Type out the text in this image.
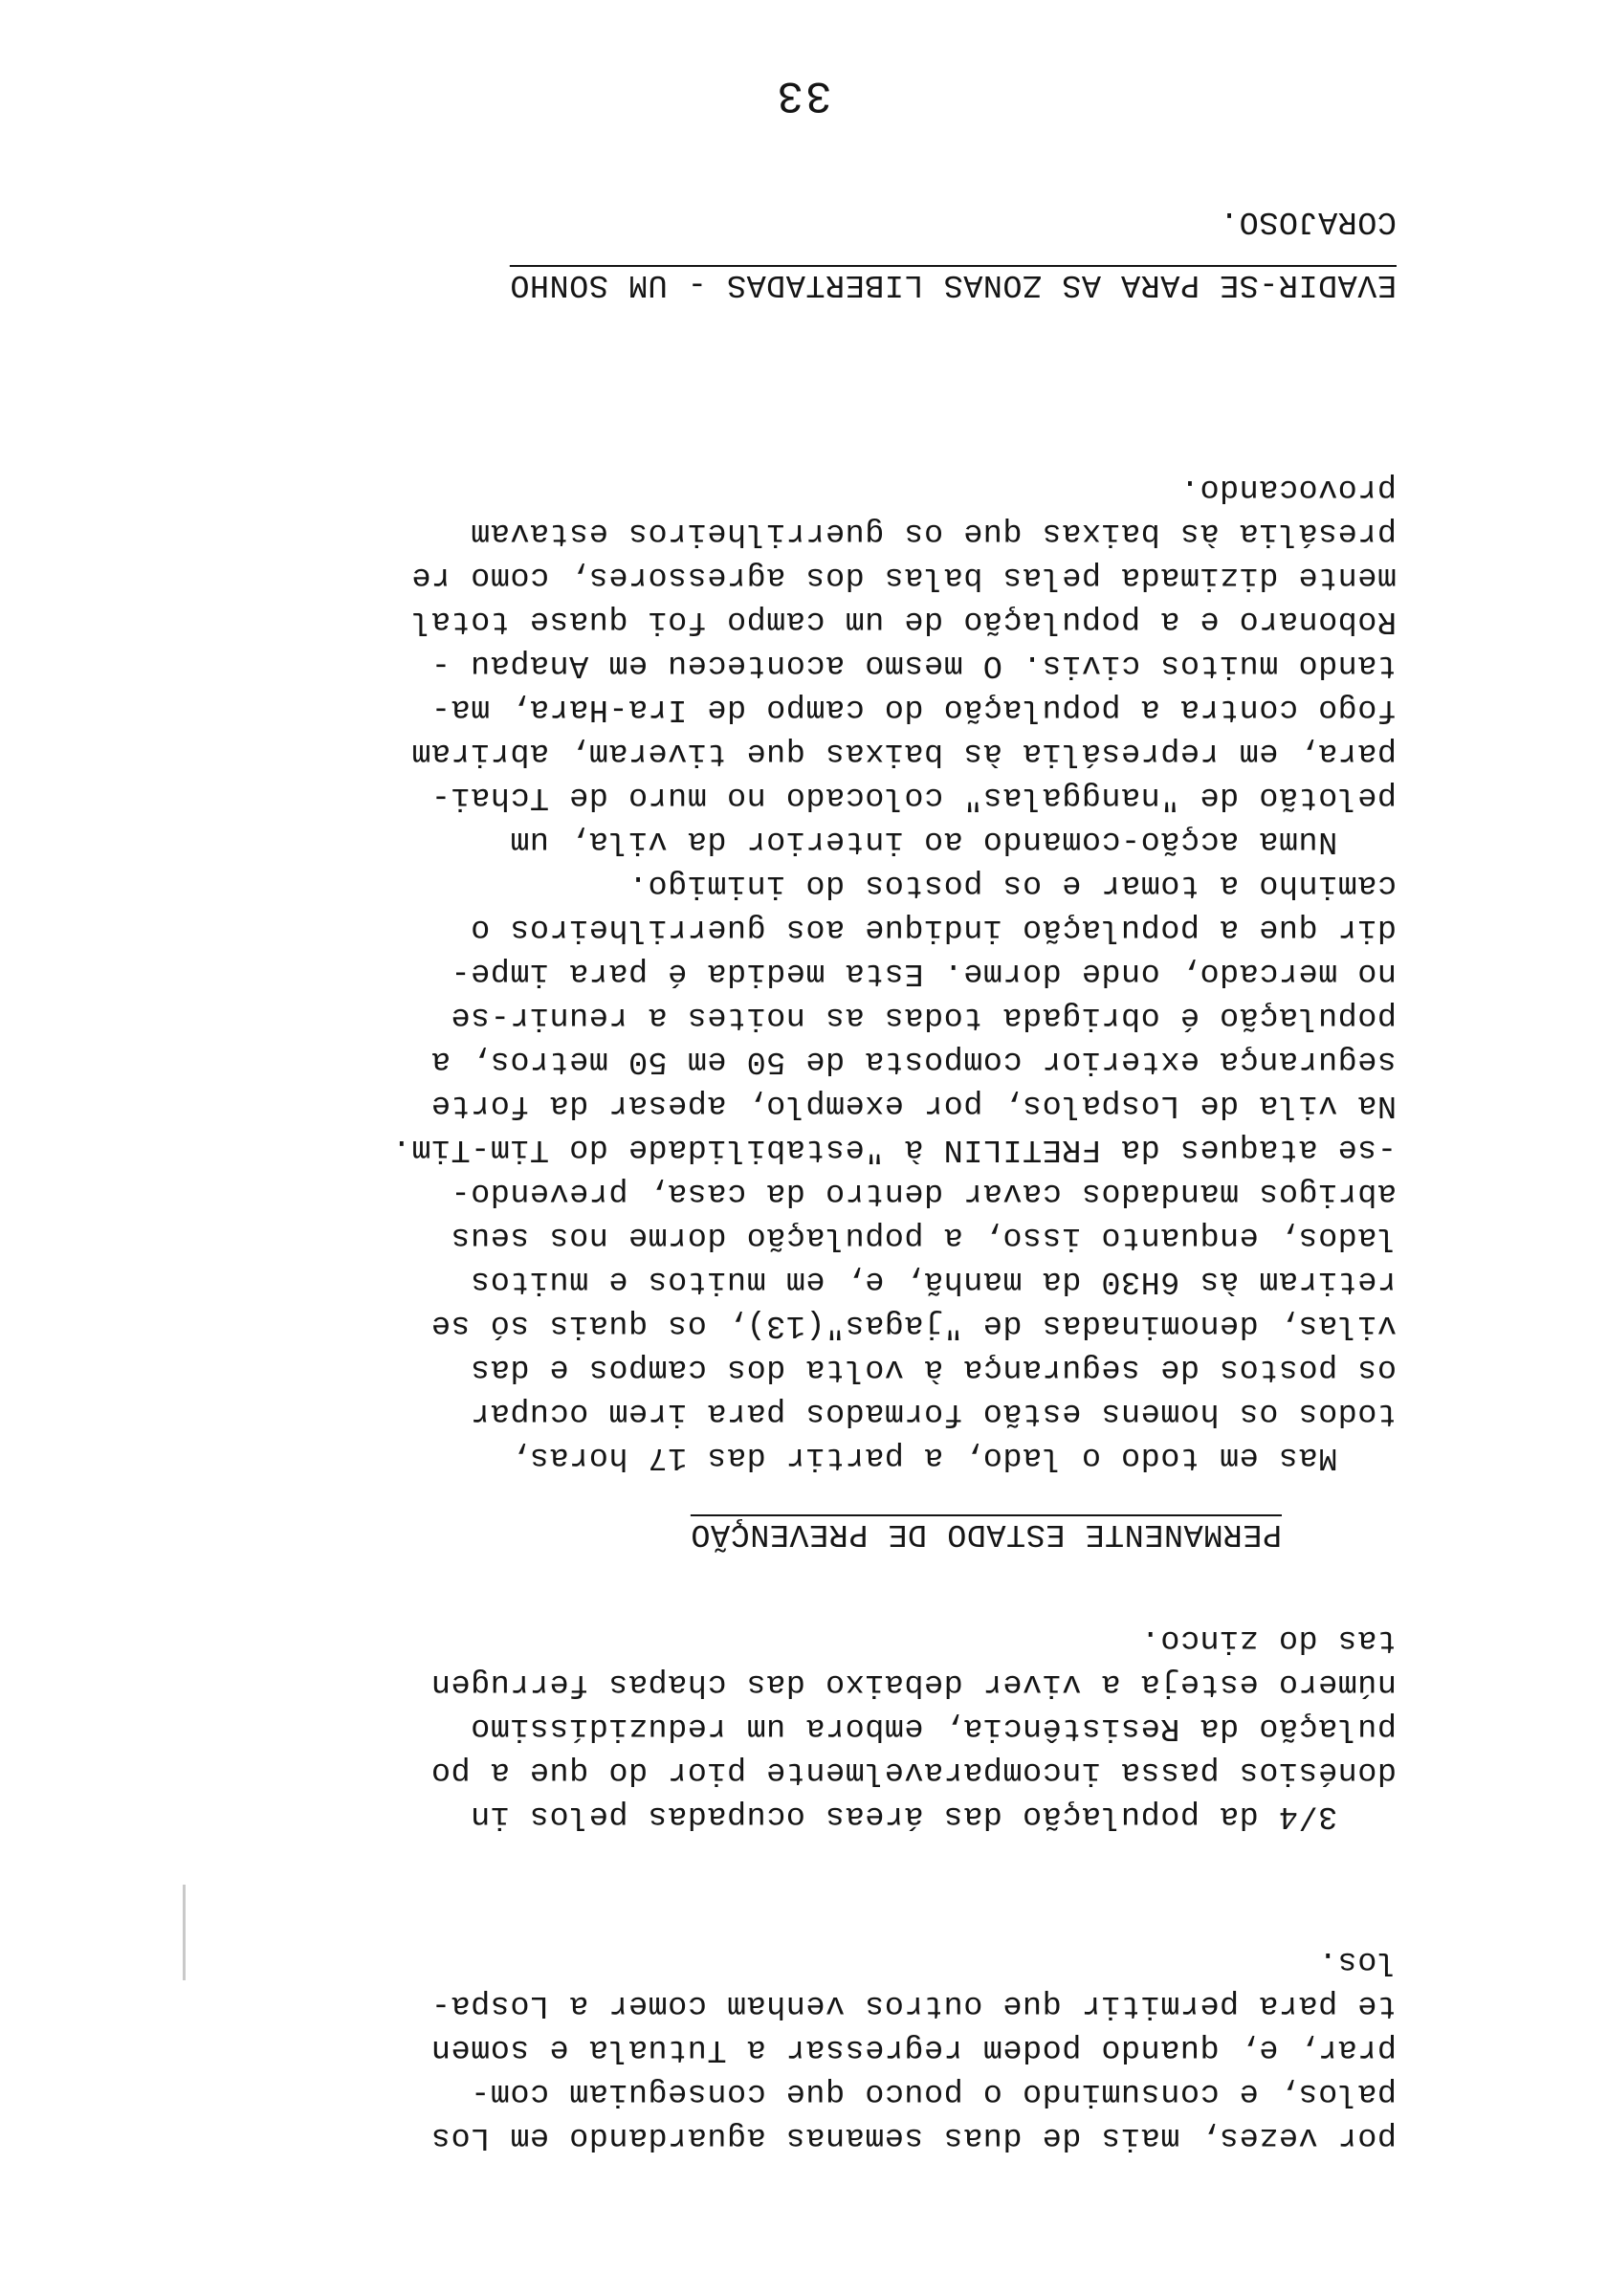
33
por vezes, mais de duas semanas aguardando em Los
palos, e consumindo o pouco que conseguiam com-
prar, e, quando podem regressar a Tutuala e somen
te para permitir que outros venham comer a Lospa-
los.
3/4 da população das áreas ocupadas pelos in
donésios passa incomparavelmente pior do que a po
pulação da Resistência, embora um reduzidíssimo
número esteja a viver debaixo das chapas ferrugen
tas do zinco.
PERMANENTE ESTADO DE PREVENÇÃO
Mas em todo o lado, a partir das 17 horas,
todos os homens estão formados para irem ocupar
os postos de segurança à volta dos campos e das
vilas, denominadas de "jagas"(13), os quais só se
retiram às 6H30 da manhã, e, em muitos e muitos
lados, enquanto isso, a população dorme nos seus
abrigos mandados cavar dentro da casa, prevendo-
-se ataques da FRETILIN à "estabilidade do Tim-Tim.
Na vila de Lospalos, por exemplo, apesar da forte
segurança exterior composta de 50 em 50 metros, a
população é obrigada todas as noites a reunir-se
no mercado, onde dorme. Esta medida é para impe-
dir que a população indique aos guerrilheiros o
caminho a tomar e os postos do inimigo.
Numa acção-comando ao interior da vila, um
pelotão de "nanggalas" colocado no muro de Tchai-
para, em represália às baixas que tiveram, abriram
fogo contra a população do campo de Ira-Hara, ma-
tando muitos civis. O mesmo aconteceu em Anapau -
Robonaro e a população de um campo foi quase total
mente dizimada pelas balas dos agressores, como re
presália às baixas que os guerrilheiros estavam
provocando.
EVADIR-SE PARA AS ZONAS LIBERTADAS - UM SONHO
CORAJOSO.
